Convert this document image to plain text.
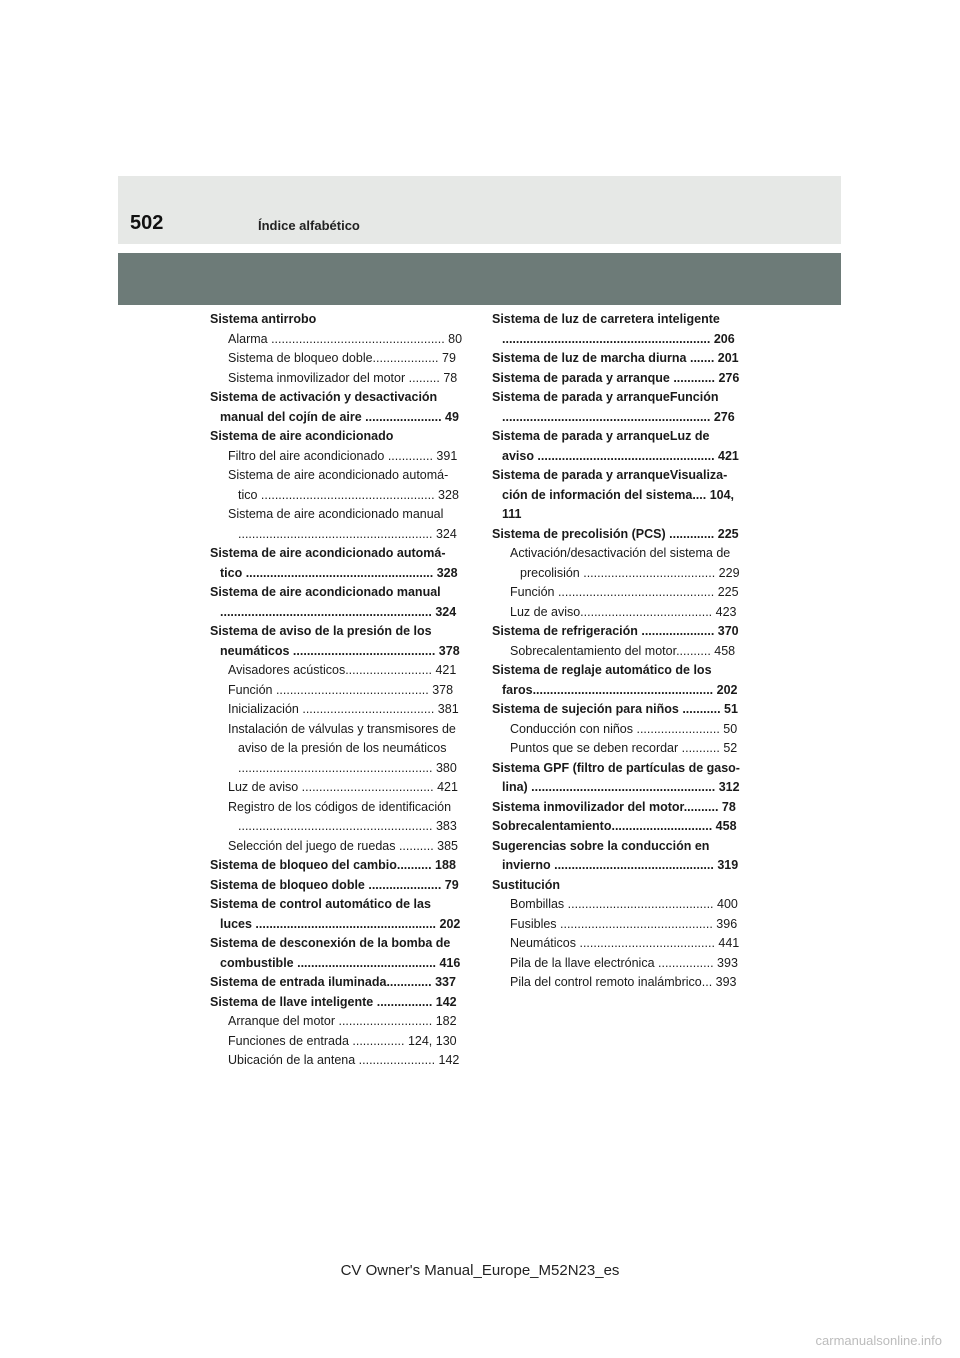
502	Índice alfabético
Sistema antirrobo
Alarma .................................................. 80
Sistema de bloqueo doble................... 79
Sistema inmovilizador del motor ......... 78
Sistema de activación y desactivación
manual del cojín de aire ...................... 49
Sistema de aire acondicionado
Filtro del aire acondicionado ............. 391
Sistema de aire acondicionado automá-
tico .................................................. 328
Sistema de aire acondicionado manual
........................................................ 324
Sistema de aire acondicionado automá-
tico ...................................................... 328
Sistema de aire acondicionado manual
............................................................. 324
Sistema de aviso de la presión de los
neumáticos ......................................... 378
Avisadores acústicos......................... 421
Función ............................................ 378
Inicialización ...................................... 381
Instalación de válvulas y transmisores de
aviso de la presión de los neumáticos
........................................................ 380
Luz de aviso ...................................... 421
Registro de los códigos de identificación
........................................................ 383
Selección del juego de ruedas .......... 385
Sistema de bloqueo del cambio.......... 188
Sistema de bloqueo doble ..................... 79
Sistema de control automático de las
luces .................................................... 202
Sistema de desconexión de la bomba de
combustible ........................................ 416
Sistema de entrada iluminada............. 337
Sistema de llave inteligente ................ 142
Arranque del motor ........................... 182
Funciones de entrada ............... 124, 130
Ubicación de la antena ...................... 142
Sistema de luz de carretera inteligente
............................................................ 206
Sistema de luz de marcha diurna ....... 201
Sistema de parada y arranque ............ 276
Sistema de parada y arranqueFunción
............................................................ 276
Sistema de parada y arranqueLuz de
aviso ................................................... 421
Sistema de parada y arranqueVisualiza-
ción de información del sistema.... 104,
111
Sistema de precolisión (PCS) ............. 225
Activación/desactivación del sistema de
precolisión ...................................... 229
Función ............................................. 225
Luz de aviso...................................... 423
Sistema de refrigeración ..................... 370
Sobrecalentamiento del motor.......... 458
Sistema de reglaje automático de los
faros.................................................... 202
Sistema de sujeción para niños ........... 51
Conducción con niños ........................ 50
Puntos que se deben recordar ........... 52
Sistema GPF (filtro de partículas de gaso-
lina) ..................................................... 312
Sistema inmovilizador del motor.......... 78
Sobrecalentamiento............................. 458
Sugerencias sobre la conducción en
invierno .............................................. 319
Sustitución
Bombillas .......................................... 400
Fusibles ............................................ 396
Neumáticos ....................................... 441
Pila de la llave electrónica ................ 393
Pila del control remoto inalámbrico... 393
CV Owner's Manual_Europe_M52N23_es
carmanualsonline.info
